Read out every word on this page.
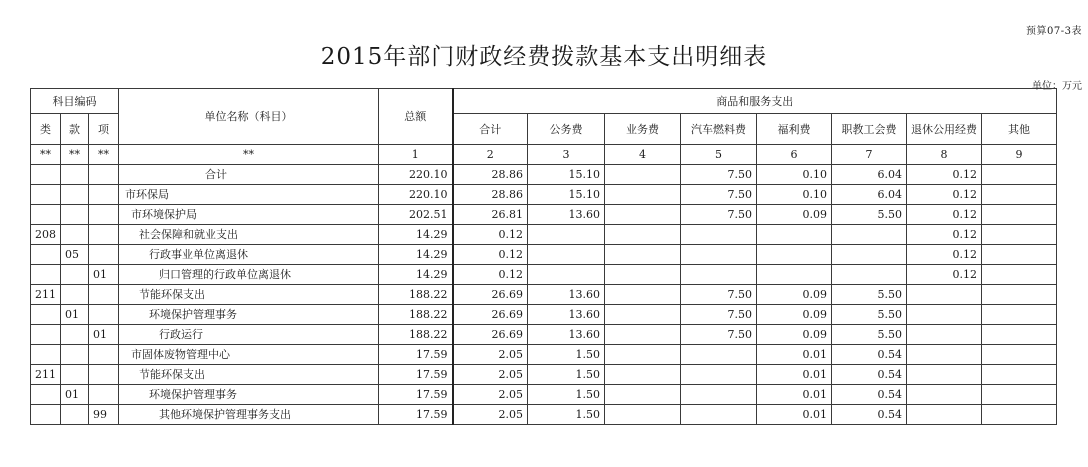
预算07-3表
2015年部门财政经费拨款基本支出明细表
单位：万元
科目编码			单位名称（科目）	总额	商品和服务支出							
类	款	项			合计	公务费	业务费	汽车燃料费	福利费	职教工会费	退休公用经费	其他
**	**	**	**	1	2	3	4	5	6	7	8	9
			合计	220.10	28.86	15.10		7.50	0.10	6.04	0.12	
			市环保局	220.10	28.86	15.10		7.50	0.10	6.04	0.12	
			市环境保护局	202.51	26.81	13.60		7.50	0.09	5.50	0.12	
208			社会保障和就业支出	14.29	0.12						0.12	
	05		行政事业单位离退休	14.29	0.12						0.12	
		01	归口管理的行政单位离退休	14.29	0.12						0.12	
211			节能环保支出	188.22	26.69	13.60		7.50	0.09	5.50		
	01		环境保护管理事务	188.22	26.69	13.60		7.50	0.09	5.50		
		01	行政运行	188.22	26.69	13.60		7.50	0.09	5.50		
			市固体废物管理中心	17.59	2.05	1.50			0.01	0.54		
211			节能环保支出	17.59	2.05	1.50			0.01	0.54		
	01		环境保护管理事务	17.59	2.05	1.50			0.01	0.54		
		99	其他环境保护管理事务支出	17.59	2.05	1.50			0.01	0.54		
